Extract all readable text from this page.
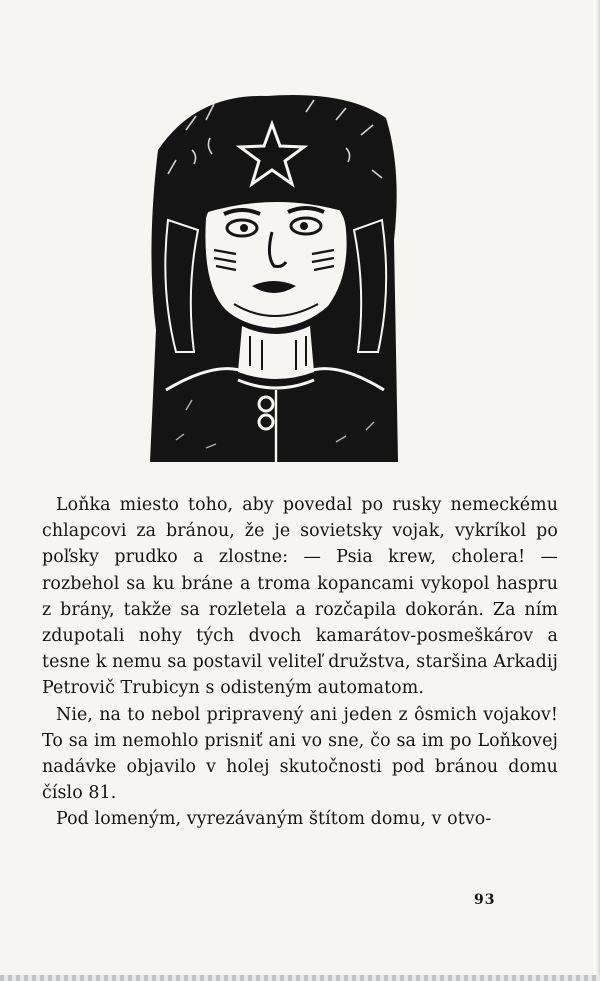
Loňka miesto toho, aby povedal po rusky nemeckému chlapcovi za bránou, že je sovietsky vojak, vykríkol po poľsky prudko a zlostne: — Psia krew, cholera! — rozbehol sa ku bráne a troma kopancami vykopol haspru z brány, takže sa rozletela a rozčapila dokorán. Za ním zdupotali nohy tých dvoch kamarátov-posmeškárov a tesne k nemu sa postavil veliteľ družstva, staršina Arkadij Petrovič Trubicyn s odisteným automatom.

Nie, na to nebol pripravený ani jeden z ôsmich vojakov! To sa im nemohlo prisniť ani vo sne, čo sa im po Loňkovej nadávke objavilo v holej skutočnosti pod bránou domu číslo 81.

Pod lomeným, vyrezávaným štítom domu, v otvo-

93
